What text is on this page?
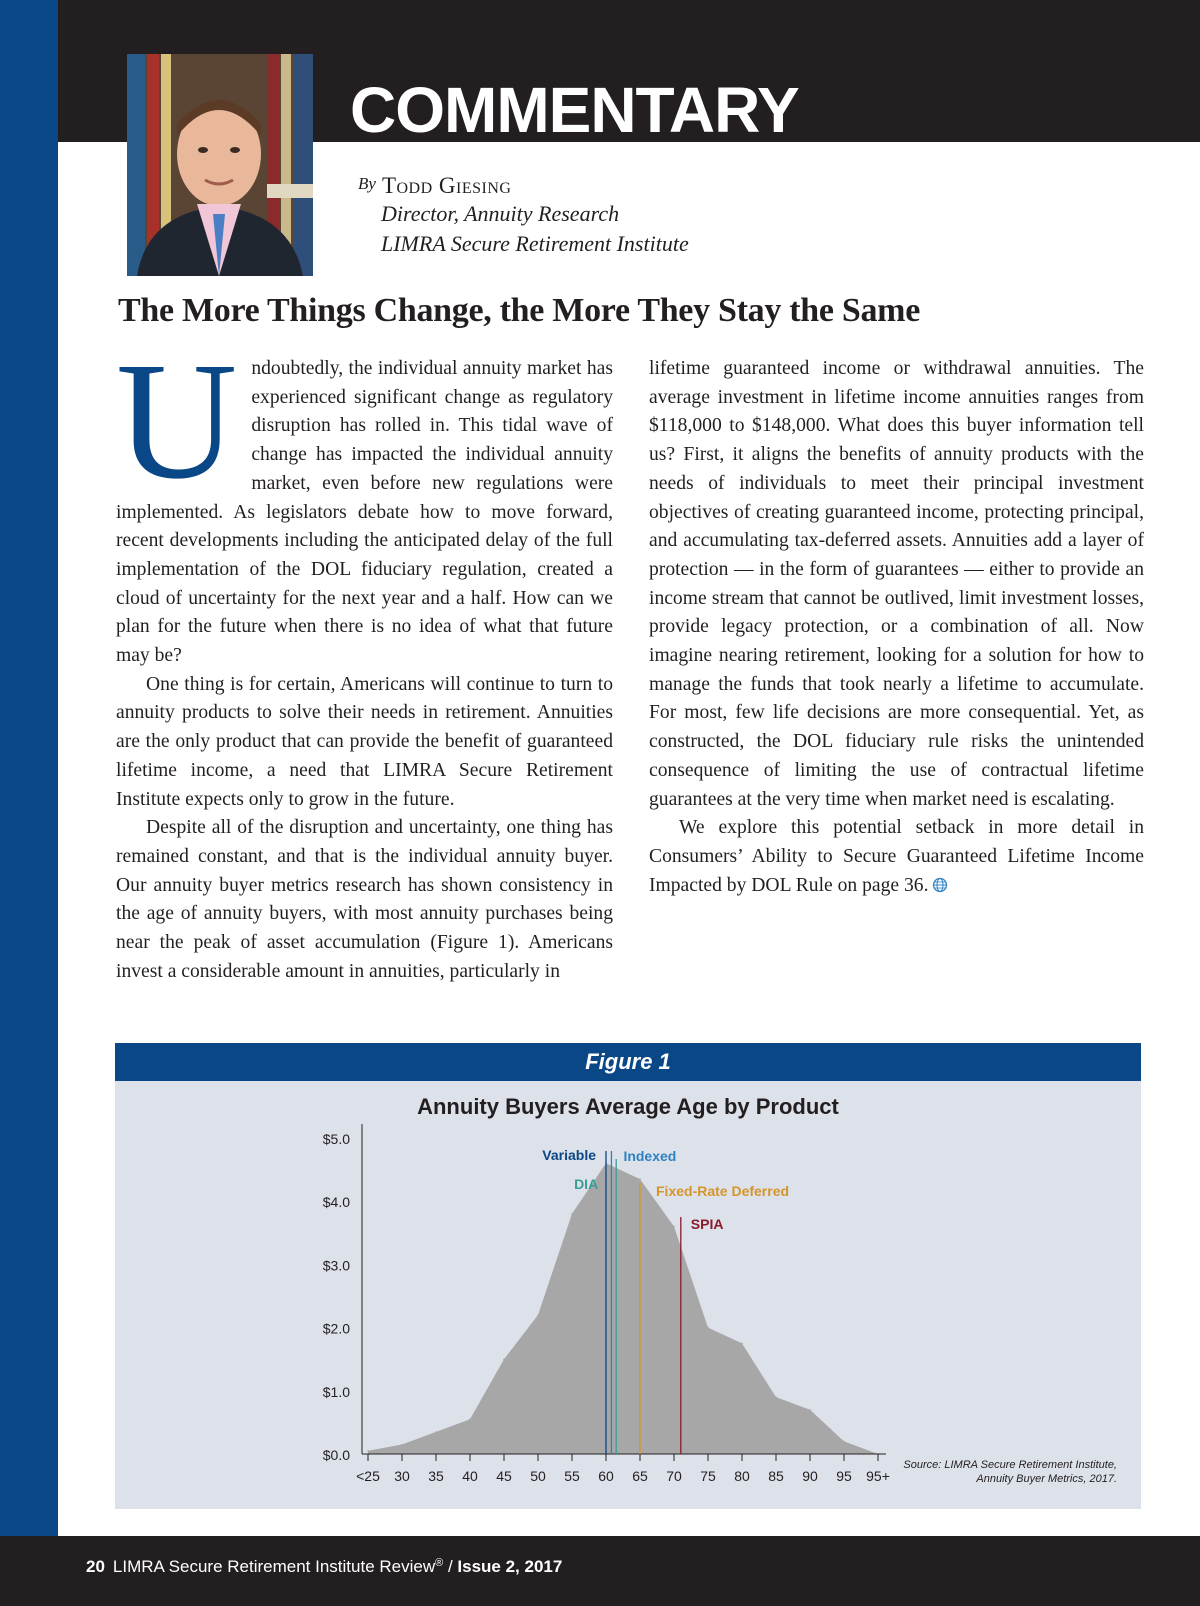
COMMENTARY
By Todd Giesing
Director, Annuity Research
LIMRA Secure Retirement Institute
The More Things Change, the More They Stay the Same
U ndoubtedly, the individual annuity market has experienced significant change as regulatory disruption has rolled in. This tidal wave of change has impacted the individual annuity market, even before new regulations were implemented. As legislators debate how to move forward, recent developments including the anticipated delay of the full implementation of the DOL fiduciary regulation, created a cloud of uncertainty for the next year and a half. How can we plan for the future when there is no idea of what that future may be?

One thing is for certain, Americans will continue to turn to annuity products to solve their needs in retirement. Annuities are the only product that can provide the benefit of guaranteed lifetime income, a need that LIMRA Secure Retirement Institute expects only to grow in the future.

Despite all of the disruption and uncertainty, one thing has remained constant, and that is the individual annuity buyer. Our annuity buyer metrics research has shown consistency in the age of annuity buyers, with most annuity purchases being near the peak of asset accumulation (Figure 1). Americans invest a considerable amount in annuities, particularly in

lifetime guaranteed income or withdrawal annuities. The average investment in lifetime income annuities ranges from $118,000 to $148,000. What does this buyer information tell us? First, it aligns the benefits of annuity products with the needs of individuals to meet their principal investment objectives of creating guaranteed income, protecting principal, and accumulating tax-deferred assets. Annuities add a layer of protection — in the form of guarantees — either to provide an income stream that cannot be outlived, limit investment losses, provide legacy protection, or a combination of all. Now imagine nearing retirement, looking for a solution for how to manage the funds that took nearly a lifetime to accumulate. For most, few life decisions are more consequential. Yet, as constructed, the DOL fiduciary rule risks the unintended consequence of limiting the use of contractual lifetime guarantees at the very time when market need is escalating.

We explore this potential setback in more detail in Consumers’ Ability to Secure Guaranteed Lifetime Income Impacted by DOL Rule on page 36.

Figure 1
Annuity Buyers Average Age by Product
$0.0
$1.0
$2.0
$3.0
$4.0
$5.0
<25 30 35 40 45 50 55 60 65 70 75 80 85 90 95 95+
Variable Indexed
DIA	Fixed-Rate Deferred
SPIA
Source: LIMRA Secure Retirement Institute,
Annuity Buyer Metrics, 2017.
20 LIMRA Secure Retirement Institute Review® / Issue 2, 2017
